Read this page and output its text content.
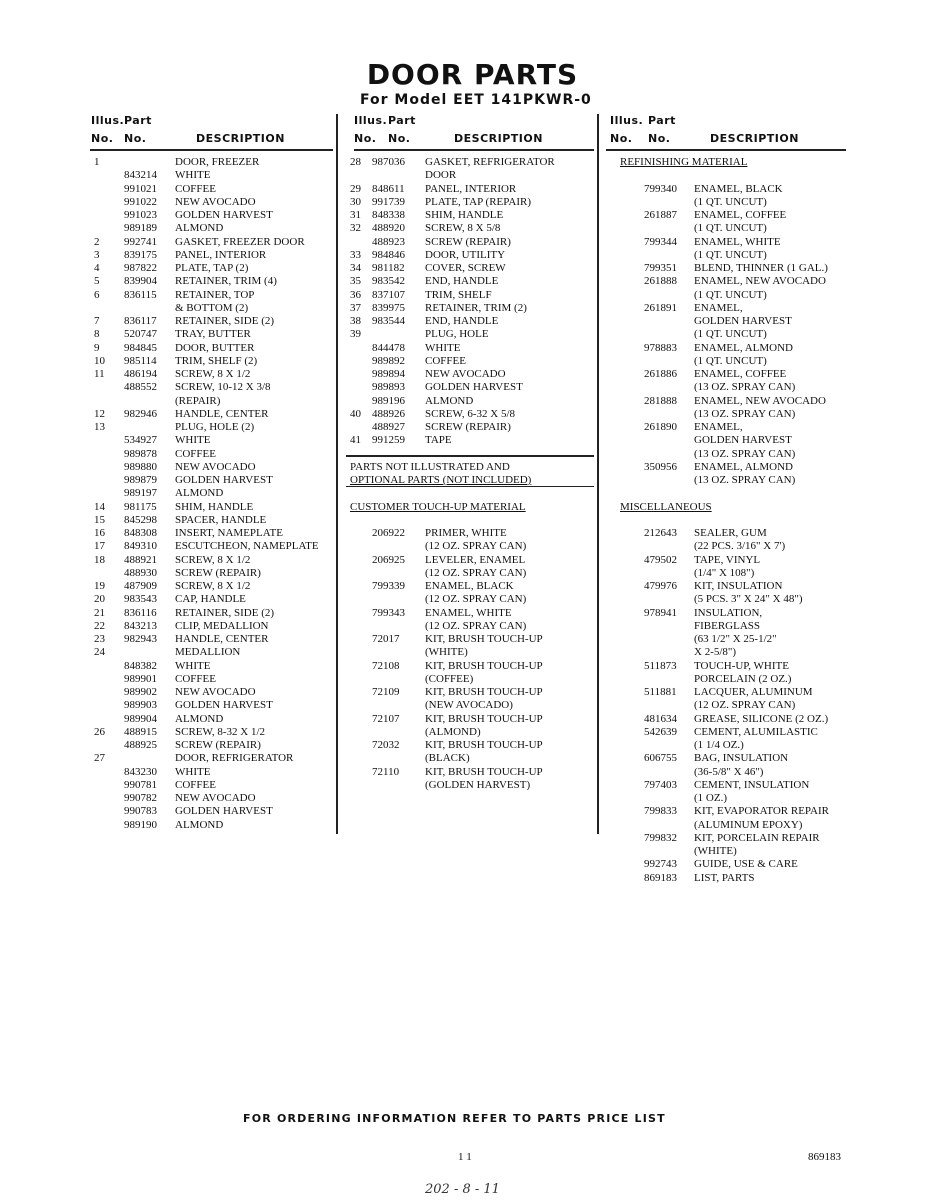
DOOR PARTS
For Model EET 141PKWR-0
Illus. Part
No. No.	DESCRIPTION
1	DOOR, FREEZER
843214 WHITE
991021 COFFEE
991022 NEW AVOCADO
991023 GOLDEN HARVEST
989189 ALMOND
2 992741 GASKET, FREEZER DOOR
3 839175 PANEL, INTERIOR
4 987822 PLATE, TAP (2)
5 839904 RETAINER, TRIM (4)
6 836115 RETAINER, TOP
& BOTTOM (2)
7 836117 RETAINER, SIDE (2)
8 520747 TRAY, BUTTER
9 984845 DOOR, BUTTER
10 985114 TRIM, SHELF (2)
11 486194 SCREW, 8 X 1/2
488552 SCREW, 10-12 X 3/8
(REPAIR)
12 982946 HANDLE, CENTER
13	PLUG, HOLE (2)
534927 WHITE
989878 COFFEE
989880 NEW AVOCADO
989879 GOLDEN HARVEST
989197 ALMOND
14 981175 SHIM, HANDLE
15 845298 SPACER, HANDLE
16 848308 INSERT, NAMEPLATE
17 849310 ESCUTCHEON, NAMEPLATE
18 488921 SCREW, 8 X 1/2
488930 SCREW (REPAIR)
19 487909 SCREW, 8 X 1/2
20 983543 CAP, HANDLE
21 836116 RETAINER, SIDE (2)
22 843213 CLIP, MEDALLION
23 982943 HANDLE, CENTER
24	MEDALLION
848382 WHITE
989901 COFFEE
989902 NEW AVOCADO
989903 GOLDEN HARVEST
989904 ALMOND
26 488915 SCREW, 8-32 X 1/2
488925 SCREW (REPAIR)
27	DOOR, REFRIGERATOR
843230 WHITE
990781 COFFEE
990782 NEW AVOCADO
990783 GOLDEN HARVEST
989190 ALMOND
Illus. Part
No. No.	DESCRIPTION
28 987036 GASKET, REFRIGERATOR
DOOR
29 848611 PANEL, INTERIOR
30 991739 PLATE, TAP (REPAIR)
31 848338 SHIM, HANDLE
32 488920 SCREW, 8 X 5/8
488923 SCREW (REPAIR)
33 984846 DOOR, UTILITY
34 981182 COVER, SCREW
35 983542 END, HANDLE
36 837107 TRIM, SHELF
37 839975 RETAINER, TRIM (2)
38 983544 END, HANDLE
39	PLUG, HOLE
844478 WHITE
989892 COFFEE
989894 NEW AVOCADO
989893 GOLDEN HARVEST
989196 ALMOND
40 488926 SCREW, 6-32 X 5/8
488927 SCREW (REPAIR)
41 991259 TAPE
PARTS NOT ILLUSTRATED AND
OPTIONAL PARTS (NOT INCLUDED)
CUSTOMER TOUCH-UP MATERIAL
206922 PRIMER, WHITE
(12 OZ. SPRAY CAN)
206925 LEVELER, ENAMEL
(12 OZ. SPRAY CAN)
799339 ENAMEL, BLACK
(12 OZ. SPRAY CAN)
799343 ENAMEL, WHITE
(12 OZ. SPRAY CAN)
72017 KIT, BRUSH TOUCH-UP
(WHITE)
72108 KIT, BRUSH TOUCH-UP
(COFFEE)
72109 KIT, BRUSH TOUCH-UP
(NEW AVOCADO)
72107 KIT, BRUSH TOUCH-UP
(ALMOND)
72032 KIT, BRUSH TOUCH-UP
(BLACK)
72110 KIT, BRUSH TOUCH-UP
(GOLDEN HARVEST)
Illus. Part
No. No.	DESCRIPTION
REFINISHING MATERIAL
799340 ENAMEL, BLACK
(1 QT. UNCUT)
261887 ENAMEL, COFFEE
(1 QT. UNCUT)
799344 ENAMEL, WHITE
(1 QT. UNCUT)
799351 BLEND, THINNER (1 GAL.)
261888 ENAMEL, NEW AVOCADO
(1 QT. UNCUT)
261891 ENAMEL,
GOLDEN HARVEST
(1 QT. UNCUT)
978883 ENAMEL, ALMOND
(1 QT. UNCUT)
261886 ENAMEL, COFFEE
(13 OZ. SPRAY CAN)
281888 ENAMEL, NEW AVOCADO
(13 OZ. SPRAY CAN)
261890 ENAMEL,
GOLDEN HARVEST
(13 OZ. SPRAY CAN)
350956 ENAMEL, ALMOND
(13 OZ. SPRAY CAN)
MISCELLANEOUS
212643 SEALER, GUM
(22 PCS. 3/16" X 7')
479502 TAPE, VINYL
(1/4" X 108")
479976 KIT, INSULATION
(5 PCS. 3" X 24" X 48")
978941 INSULATION,
FIBERGLASS
(63 1/2" X 25-1/2"
X 2-5/8")
511873 TOUCH-UP, WHITE
PORCELAIN (2 OZ.)
511881 LACQUER, ALUMINUM
(12 OZ. SPRAY CAN)
481634 GREASE, SILICONE (2 OZ.)
542639 CEMENT, ALUMILASTIC
(1 1/4 OZ.)
606755 BAG, INSULATION
(36-5/8" X 46")
797403 CEMENT, INSULATION
(1 OZ.)
799833 KIT, EVAPORATOR REPAIR
(ALUMINUM EPOXY)
799832 KIT, PORCELAIN REPAIR
(WHITE)
992743 GUIDE, USE & CARE
869183 LIST, PARTS
FOR ORDERING INFORMATION REFER TO PARTS PRICE LIST
1 1	869183
202 - 8 - 11
